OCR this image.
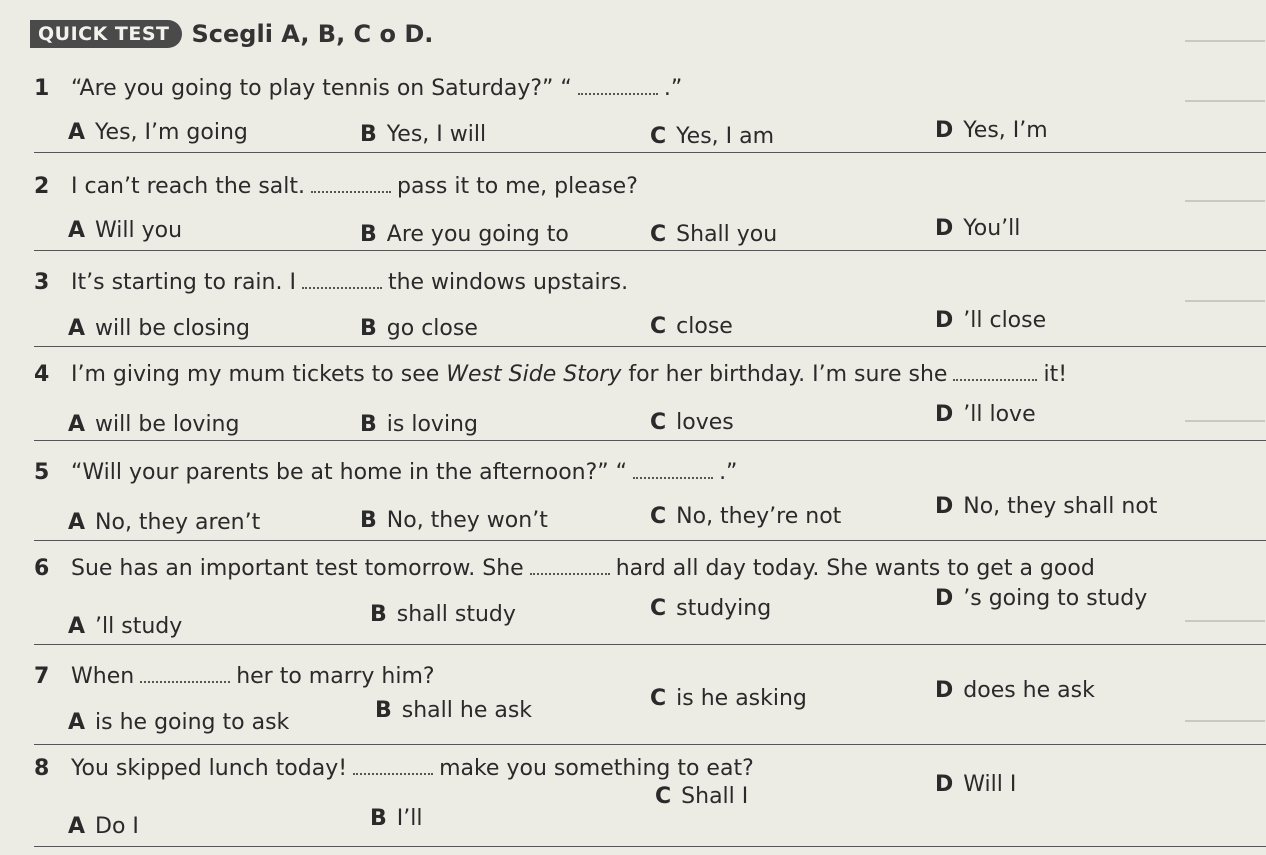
QUICK TEST Scegli A, B, C o D.
1 “Are you going to play tennis on Saturday?” “	.”
A Yes, I’m going	B Yes, I will	C Yes, I am	D Yes, I’m
2 I can’t reach the salt.	pass it to me, please?
A Will you	B Are you going to	C Shall you	D You’ll
3 It’s starting to rain. I	the windows upstairs.
A will be closing	B go close	C close	D ’ll close
4 I’m giving my mum tickets to see West Side Story for her birthday. I’m sure she	it!
A will be loving	B is loving	C loves	D ’ll love
5 “Will your parents be at home in the afternoon?” “	.”
A No, they aren’t	B No, they won’t	C No, they’re not	D No, they shall not
6 Sue has an important test tomorrow. She	hard all day today. She wants to get a good
A ’ll study	B shall study	C studying	D ’s going to study
7 When	her to marry him?
A is he going to ask	B shall he ask	C is he asking	D does he ask
8 You skipped lunch today!	make you something to eat?
A Do I	B I’ll
C Shall I	D Will I
